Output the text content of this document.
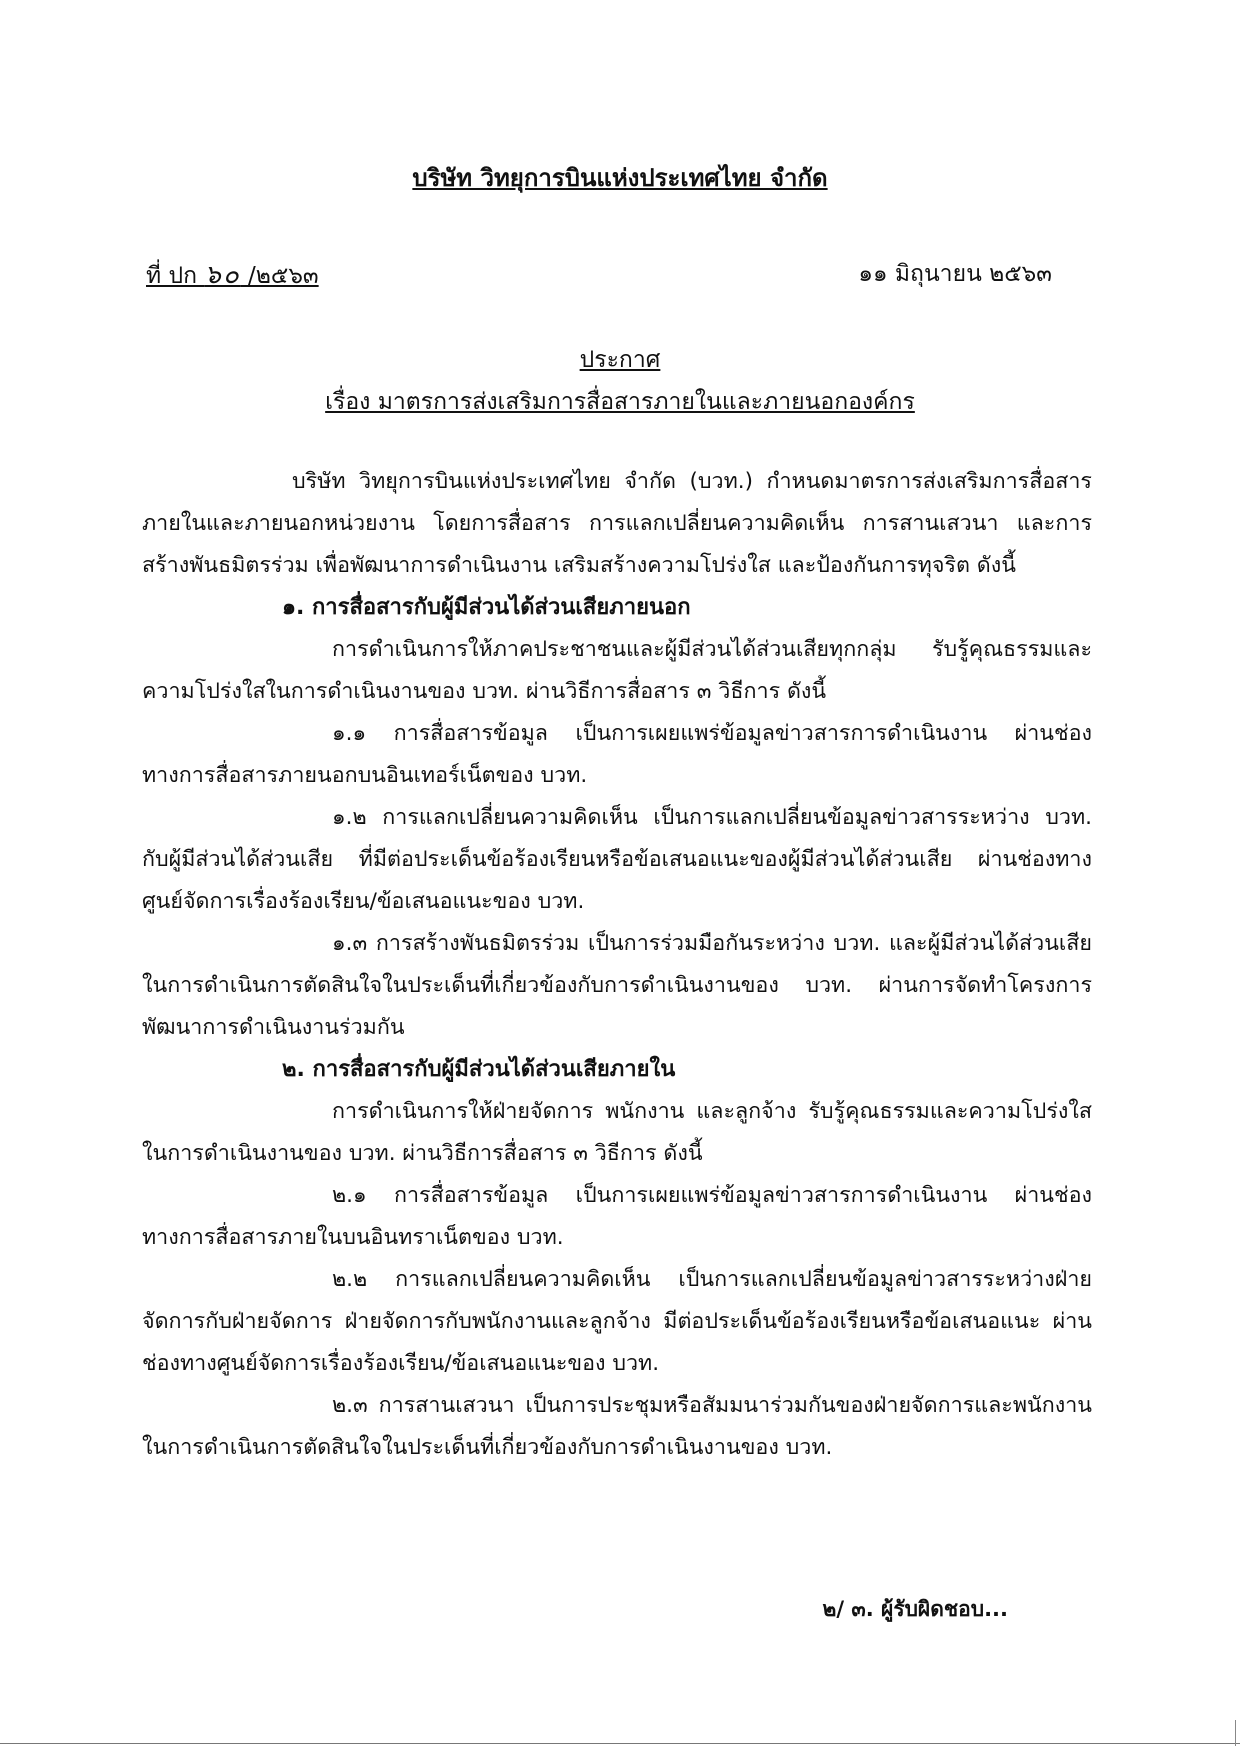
บริษัท วิทยุการบินแห่งประเทศไทย จำกัด
ที่ ปก ๖๐ /๒๕๖๓	๑๑ มิถุนายน ๒๕๖๓
ประกาศ
เรื่อง มาตรการส่งเสริมการสื่อสารภายในและภายนอกองค์กร

บริษัท วิทยุการบินแห่งประเทศไทย จำกัด (บวท.) กำหนดมาตรการส่งเสริมการสื่อสารภายในและภายนอกหน่วยงาน โดยการสื่อสาร การแลกเปลี่ยนความคิดเห็น การสานเสวนา และการสร้างพันธมิตรร่วม เพื่อพัฒนาการดำเนินงาน เสริมสร้างความโปร่งใส และป้องกันการทุจริต ดังนี้

๑. การสื่อสารกับผู้มีส่วนได้ส่วนเสียภายนอก

การดำเนินการให้ภาคประชาชนและผู้มีส่วนได้ส่วนเสียทุกกลุ่ม รับรู้คุณธรรมและความโปร่งใสในการดำเนินงานของ บวท. ผ่านวิธีการสื่อสาร ๓ วิธีการ ดังนี้

๑.๑ การสื่อสารข้อมูล เป็นการเผยแพร่ข้อมูลข่าวสารการดำเนินงาน ผ่านช่องทางการสื่อสารภายนอกบนอินเทอร์เน็ตของ บวท.

๑.๒ การแลกเปลี่ยนความคิดเห็น เป็นการแลกเปลี่ยนข้อมูลข่าวสารระหว่าง บวท. กับผู้มีส่วนได้ส่วนเสีย ที่มีต่อประเด็นข้อร้องเรียนหรือข้อเสนอแนะของผู้มีส่วนได้ส่วนเสีย ผ่านช่องทางศูนย์จัดการเรื่องร้องเรียน/ข้อเสนอแนะของ บวท.

๑.๓ การสร้างพันธมิตรร่วม เป็นการร่วมมือกันระหว่าง บวท. และผู้มีส่วนได้ส่วนเสียในการดำเนินการตัดสินใจในประเด็นที่เกี่ยวข้องกับการดำเนินงานของ บวท. ผ่านการจัดทำโครงการพัฒนาการดำเนินงานร่วมกัน

๒. การสื่อสารกับผู้มีส่วนได้ส่วนเสียภายใน

การดำเนินการให้ฝ่ายจัดการ พนักงาน และลูกจ้าง รับรู้คุณธรรมและความโปร่งใสในการดำเนินงานของ บวท. ผ่านวิธีการสื่อสาร ๓ วิธีการ ดังนี้

๒.๑ การสื่อสารข้อมูล เป็นการเผยแพร่ข้อมูลข่าวสารการดำเนินงาน ผ่านช่องทางการสื่อสารภายในบนอินทราเน็ตของ บวท.

๒.๒ การแลกเปลี่ยนความคิดเห็น เป็นการแลกเปลี่ยนข้อมูลข่าวสารระหว่างฝ่ายจัดการกับฝ่ายจัดการ ฝ่ายจัดการกับพนักงานและลูกจ้าง มีต่อประเด็นข้อร้องเรียนหรือข้อเสนอแนะ ผ่านช่องทางศูนย์จัดการเรื่องร้องเรียน/ข้อเสนอแนะของ บวท.

๒.๓ การสานเสวนา เป็นการประชุมหรือสัมมนาร่วมกันของฝ่ายจัดการและพนักงานในการดำเนินการตัดสินใจในประเด็นที่เกี่ยวข้องกับการดำเนินงานของ บวท.

๒/ ๓. ผู้รับผิดชอบ...
